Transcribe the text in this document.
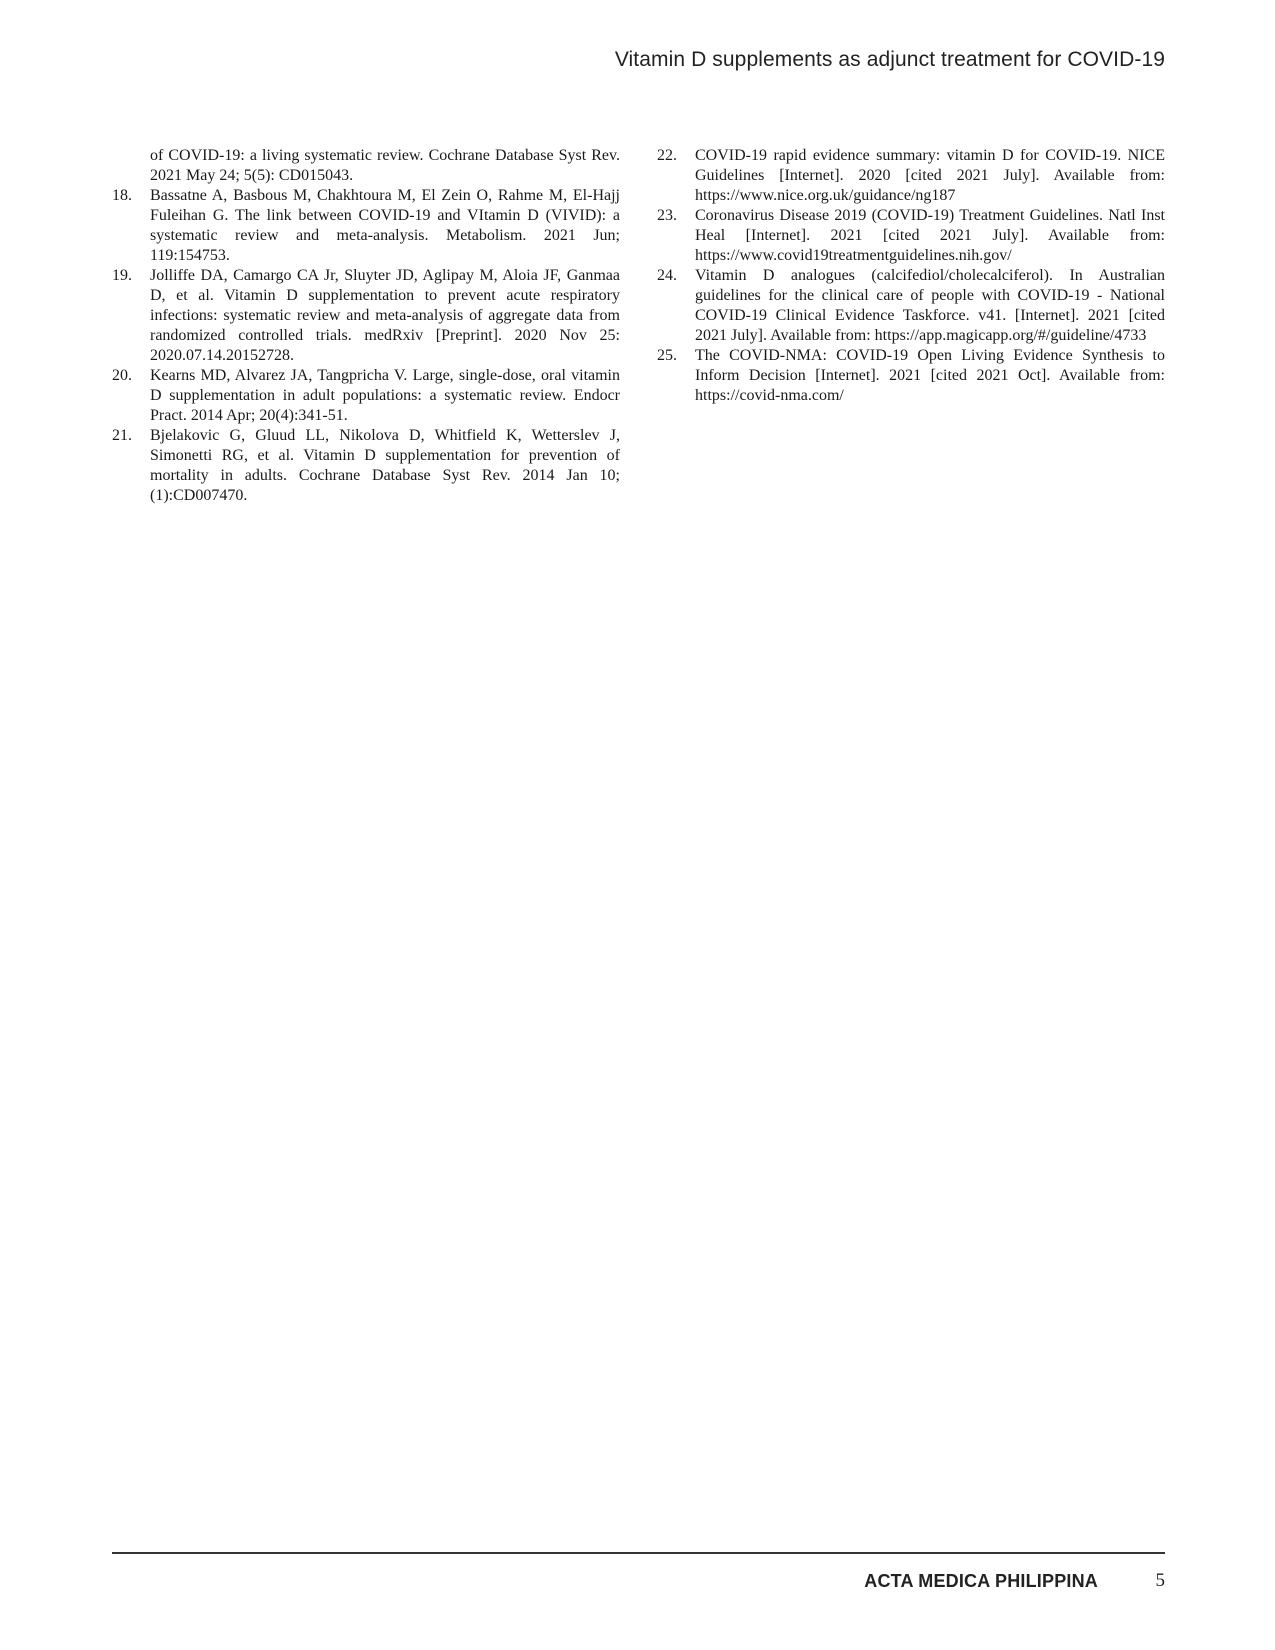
Vitamin D supplements as adjunct treatment for COVID-19
of COVID-19: a living systematic review. Cochrane Database Syst Rev. 2021 May 24; 5(5): CD015043.
18.	Bassatne A, Basbous M, Chakhtoura M, El Zein O, Rahme M, El-Hajj Fuleihan G. The link between COVID-19 and VItamin D (VIVID): a systematic review and meta-analysis. Metabolism. 2021 Jun; 119:154753.
19.	Jolliffe DA, Camargo CA Jr, Sluyter JD, Aglipay M, Aloia JF, Ganmaa D, et al. Vitamin D supplementation to prevent acute respiratory infections: systematic review and meta-analysis of aggregate data from randomized controlled trials. medRxiv [Preprint]. 2020 Nov 25: 2020.07.14.20152728.
20.	Kearns MD, Alvarez JA, Tangpricha V. Large, single-dose, oral vitamin D supplementation in adult populations: a systematic review. Endocr Pract. 2014 Apr; 20(4):341-51.
21.	Bjelakovic G, Gluud LL, Nikolova D, Whitfield K, Wetterslev J, Simonetti RG, et al. Vitamin D supplementation for prevention of mortality in adults. Cochrane Database Syst Rev. 2014 Jan 10; (1):CD007470.
22.	COVID-19 rapid evidence summary: vitamin D for COVID-19. NICE Guidelines [Internet]. 2020 [cited 2021 July]. Available from: https://www.nice.org.uk/guidance/ng187
23.	Coronavirus Disease 2019 (COVID-19) Treatment Guidelines. Natl Inst Heal [Internet]. 2021 [cited 2021 July]. Available from: https://www.covid19treatmentguidelines.nih.gov/
24.	Vitamin D analogues (calcifediol/cholecalciferol). In Australian guidelines for the clinical care of people with COVID-19 - National COVID-19 Clinical Evidence Taskforce. v41. [Internet]. 2021 [cited 2021 July]. Available from: https://app.magicapp.org/#/guideline/4733
25.	The COVID-NMA: COVID-19 Open Living Evidence Synthesis to Inform Decision [Internet]. 2021 [cited 2021 Oct]. Available from: https://covid-nma.com/
ACTA MEDICA PHILIPPINA	5
